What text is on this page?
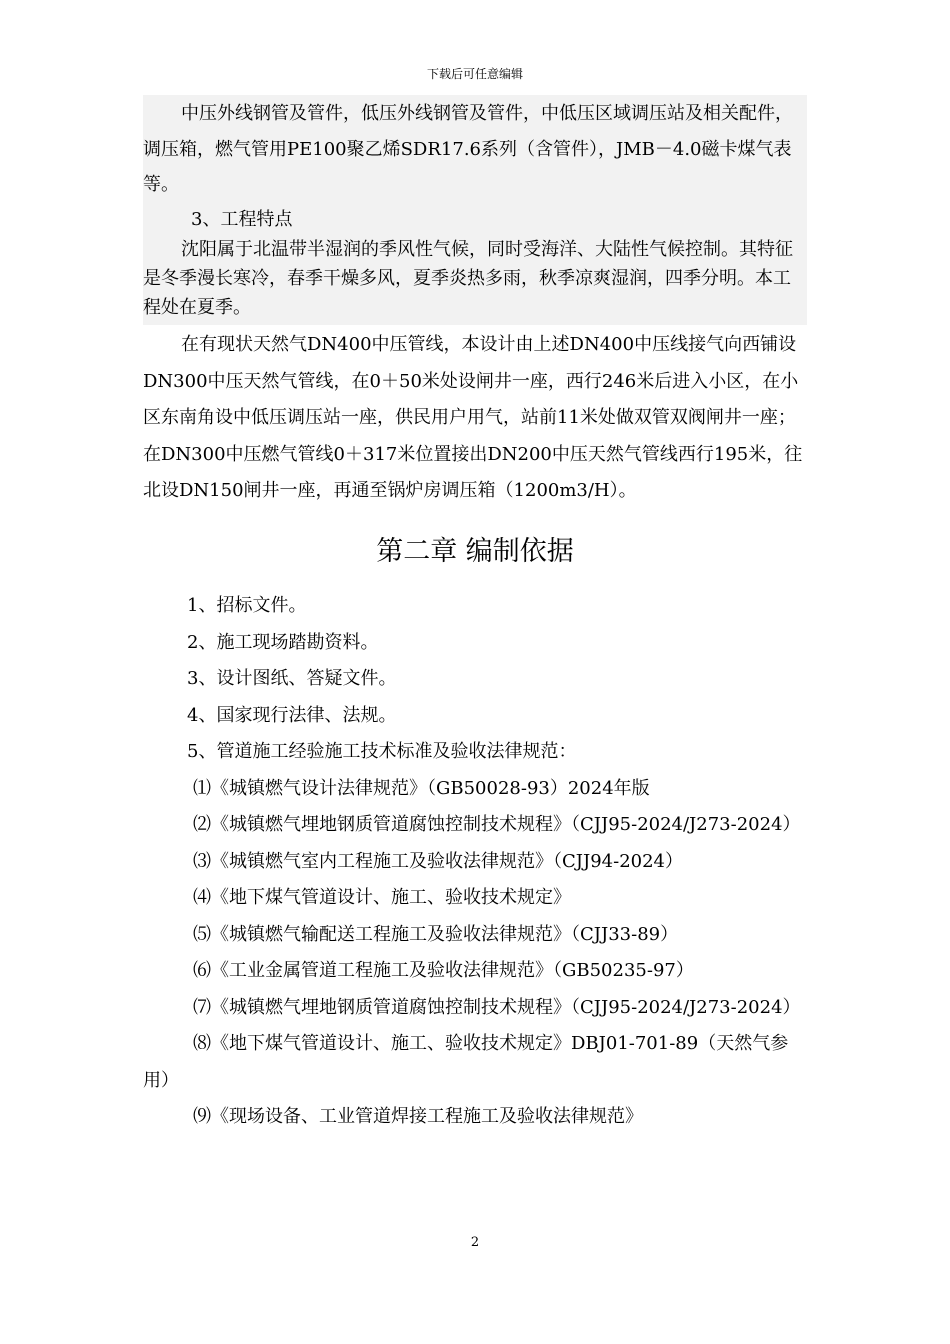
下载后可任意编辑

中压外线钢管及管件，低压外线钢管及管件，中低压区域调压站及相关配件，调压箱，燃气管用PE100聚乙烯SDR17.6系列（含管件），JMB－4.0磁卡煤气表等。

3、工程特点

沈阳属于北温带半湿润的季风性气候，同时受海洋、大陆性气候控制。其特征是冬季漫长寒冷，春季干燥多风，夏季炎热多雨，秋季凉爽湿润，四季分明。本工程处在夏季。

在有现状天然气DN400中压管线，本设计由上述DN400中压线接气向西铺设DN300中压天然气管线，在0＋50米处设闸井一座，西行246米后进入小区，在小区东南角设中低压调压站一座，供民用户用气，站前11米处做双管双阀闸井一座；在DN300中压燃气管线0＋317米位置接出DN200中压天然气管线西行195米，往北设DN150闸井一座，再通至锅炉房调压箱（1200m3/H）。

第二章 编制依据

1、招标文件。

2、施工现场踏勘资料。

3、设计图纸、答疑文件。

4、国家现行法律、法规。

5、管道施工经验施工技术标准及验收法律规范：

⑴《城镇燃气设计法律规范》（GB50028-93）2024年版

⑵《城镇燃气埋地钢质管道腐蚀控制技术规程》（CJJ95-2024/J273-2024）

⑶《城镇燃气室内工程施工及验收法律规范》（CJJ94-2024）

⑷《地下煤气管道设计、施工、验收技术规定》

⑸《城镇燃气输配送工程施工及验收法律规范》（CJJ33-89）

⑹《工业金属管道工程施工及验收法律规范》（GB50235-97）

⑺《城镇燃气埋地钢质管道腐蚀控制技术规程》（CJJ95-2024/J273-2024）

⑻《地下煤气管道设计、施工、验收技术规定》DBJ01-701-89（天然气参用）

⑼《现场设备、工业管道焊接工程施工及验收法律规范》

2
